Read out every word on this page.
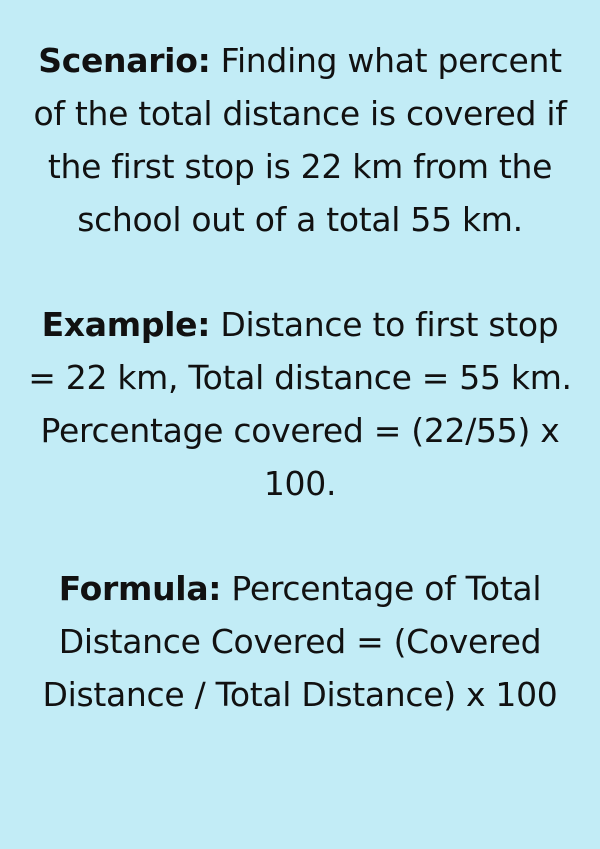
Scenario: Finding what percent of the total distance is covered if the first stop is 22 km from the school out of a total 55 km.

Example: Distance to first stop = 22 km, Total distance = 55 km. Percentage covered = (22/55) x 100.

Formula: Percentage of Total Distance Covered = (Covered Distance / Total Distance) x 100
